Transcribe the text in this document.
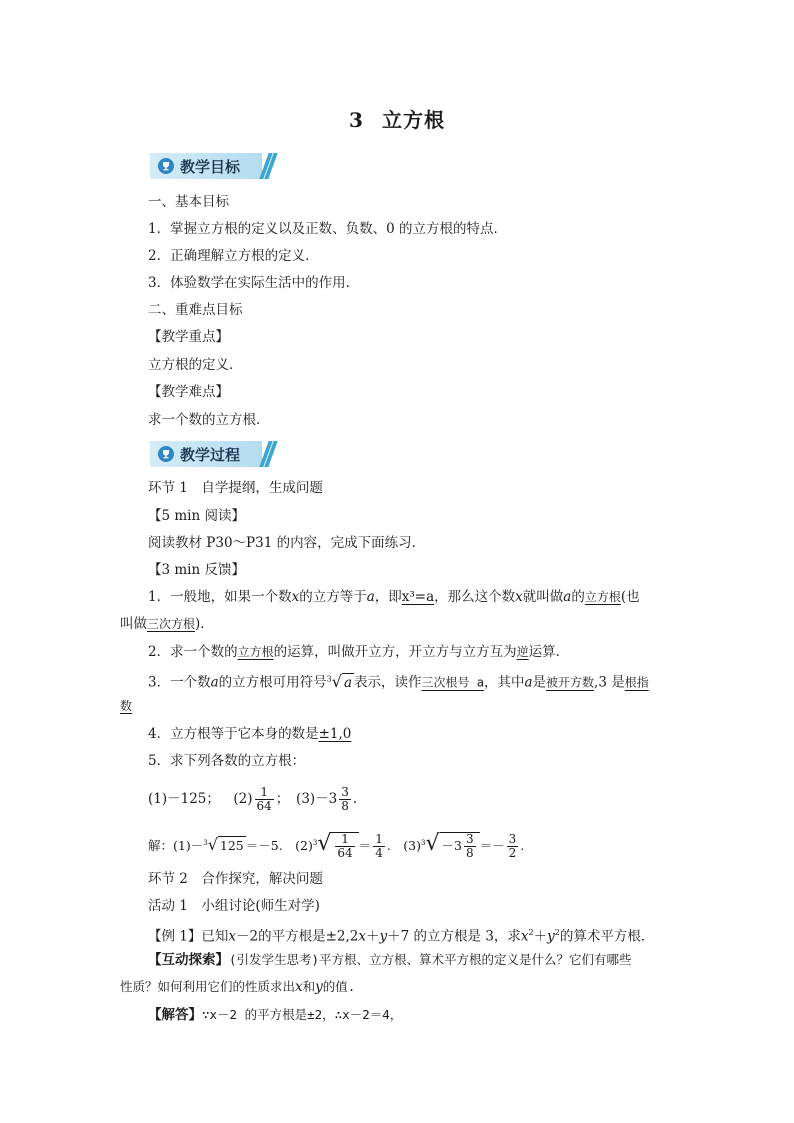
3 立方根
教学目标
一、基本目标
1．掌握立方根的定义以及正数、负数、0 的立方根的特点．
2．正确理解立方根的定义．
3．体验数学在实际生活中的作用．
二、重难点目标
【教学重点】
立方根的定义．
【教学难点】
求一个数的立方根．
教学过程
环节 1　自学提纲，生成问题
【5 min 阅读】
阅读教材 P30～P31 的内容，完成下面练习．
【3 min 反馈】
1．一般地，如果一个数x的立方等于a，即x³=a，那么这个数x就叫做a的立方根(也
叫做三次方根)．
2．求一个数的立方根的运算，叫做开立方，开立方与立方互为逆运算．
3．一个数a的立方根可用符号$^3$√ a 表示，读作三次根号 a，其中a是被开方数,3 是根指
数
4．立方根等于它本身的数是±1,0
5．求下列各数的立方根：
(1)－125；  $(2) \frac{1}{64}$ ；　$(3)-3 \frac{3}{8}$ .
解：(1)－$^3$√ 125 ＝－5.　$(2)^3√ \frac{1}{64} = \frac{1}{4}$ .　$(3)^3√ -3 \frac{3}{8} =- \frac{3}{2}$ .
环节 2　合作探究，解决问题
活动 1　小组讨论(师生对学)
【例 1】已知x－2的平方根是±2,2x＋y＋7 的立方根是 3，求$x^2+y^2$的算术平方根．
【互动探索】(引发学生思考)平方根、立方根、算术平方根的定义是什么？它们有哪些
性质？如何利用它们的性质求出x和y的值.
【解答】∵x－2 的平方根是±2，∴x－2＝4，
